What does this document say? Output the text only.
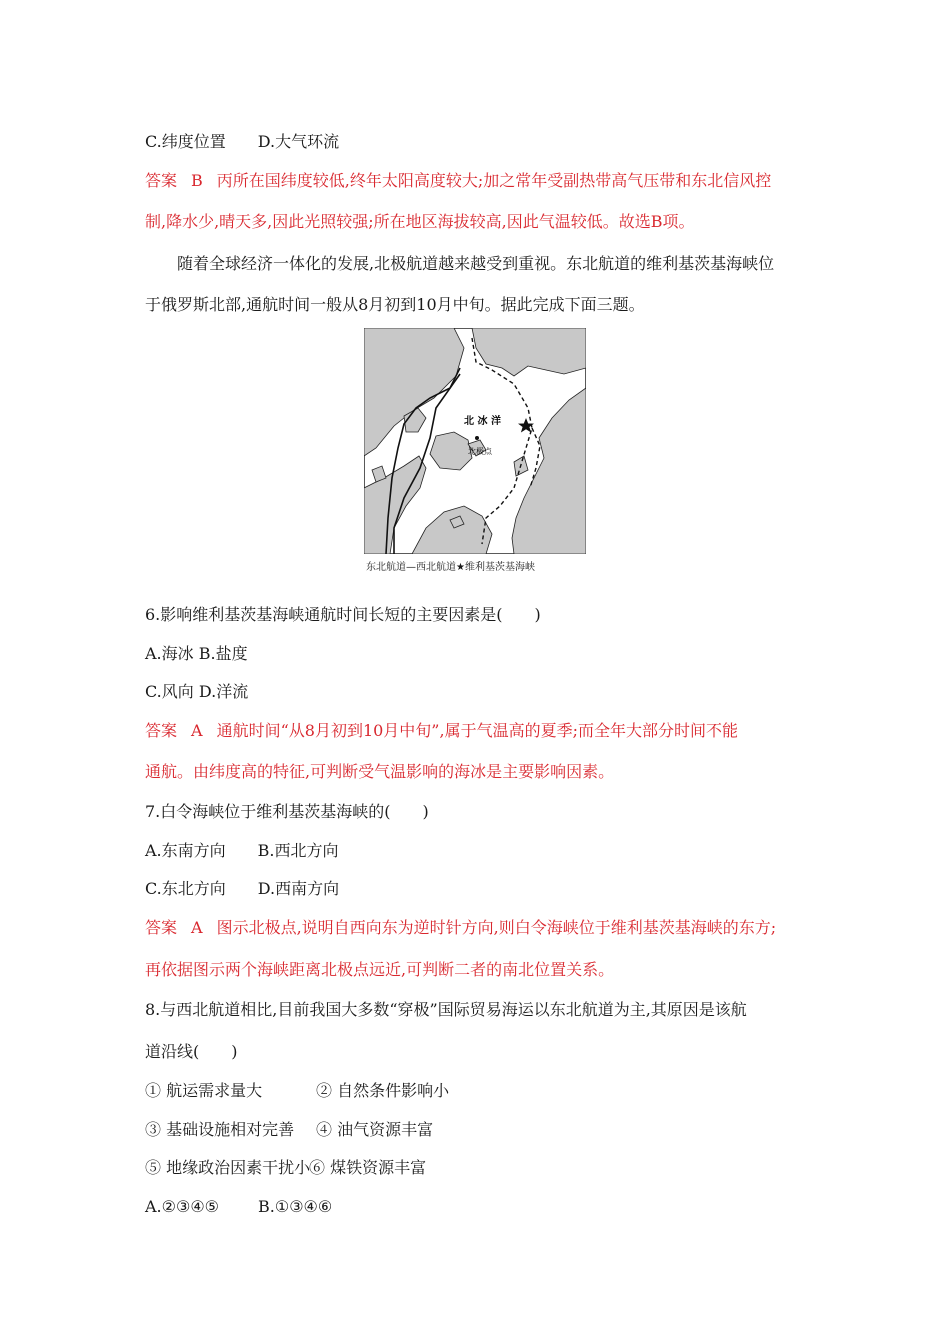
C.纬度位置 D.大气环流
答案 B 丙所在国纬度较低,终年太阳高度较大;加之常年受副热带高气压带和东北信风控
制,降水少,晴天多,因此光照较强;所在地区海拔较高,因此气温较低。故选B项。
随着全球经济一体化的发展,北极航道越来越受到重视。东北航道的维利基茨基海峡位
于俄罗斯北部,通航时间一般从8月初到10月中旬。据此完成下面三题。
北 冰 洋
北极点
东北航道—西北航道★维利基茨基海峡
6.影响维利基茨基海峡通航时间长短的主要因素是(　　)
A.海冰 B.盐度
C.风向 D.洋流
答案 A 通航时间“从8月初到10月中旬”,属于气温高的夏季;而全年大部分时间不能
通航。由纬度高的特征,可判断受气温影响的海冰是主要影响因素。
7.白令海峡位于维利基茨基海峡的(　　)
A.东南方向 B.西北方向
C.东北方向 D.西南方向
答案 A 图示北极点,说明自西向东为逆时针方向,则白令海峡位于维利基茨基海峡的东方;
再依据图示两个海峡距离北极点远近,可判断二者的南北位置关系。
8.与西北航道相比,目前我国大多数“穿极”国际贸易海运以东北航道为主,其原因是该航
道沿线(　　)
① 航运需求量大	② 自然条件影响小
③ 基础设施相对完善 ④ 油气资源丰富
⑤ 地缘政治因素干扰小⑥ 煤铁资源丰富
A.②③④⑤ B.①③④⑥
